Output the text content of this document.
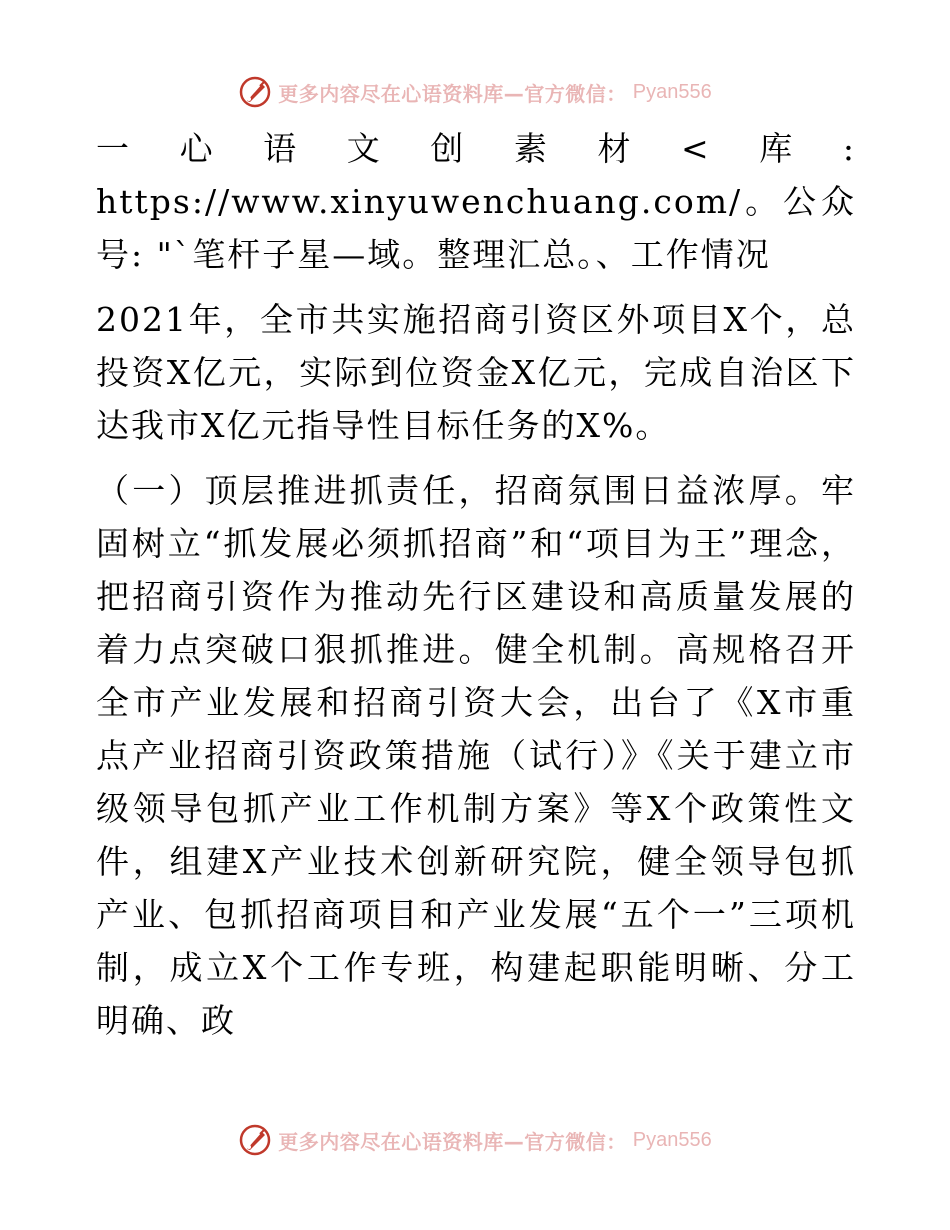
更多内容尽在心语资料库—官方微信： Pyan556

一心语文创素材<库: https://www.xinyuwenchuang.com/。公众号: "`笔杆子星—域。整理汇总。、工作情况

2021年，全市共实施招商引资区外项目X个，总投资X亿元，实际到位资金X亿元，完成自治区下达我市X亿元指导性目标任务的X%。

（一）顶层推进抓责任，招商氛围日益浓厚。牢固树立“抓发展必须抓招商”和“项目为王”理念，把招商引资作为推动先行区建设和高质量发展的着力点突破口狠抓推进。健全机制。高规格召开全市产业发展和招商引资大会，出台了《X市重点产业招商引资政策措施（试行）》《关于建立市级领导包抓产业工作机制方案》等X个政策性文件，组建X产业技术创新研究院，健全领导包抓产业、包抓招商项目和产业发展“五个一”三项机制，成立X个工作专班，构建起职能明晰、分工明确、政

更多内容尽在心语资料库—官方微信： Pyan556
